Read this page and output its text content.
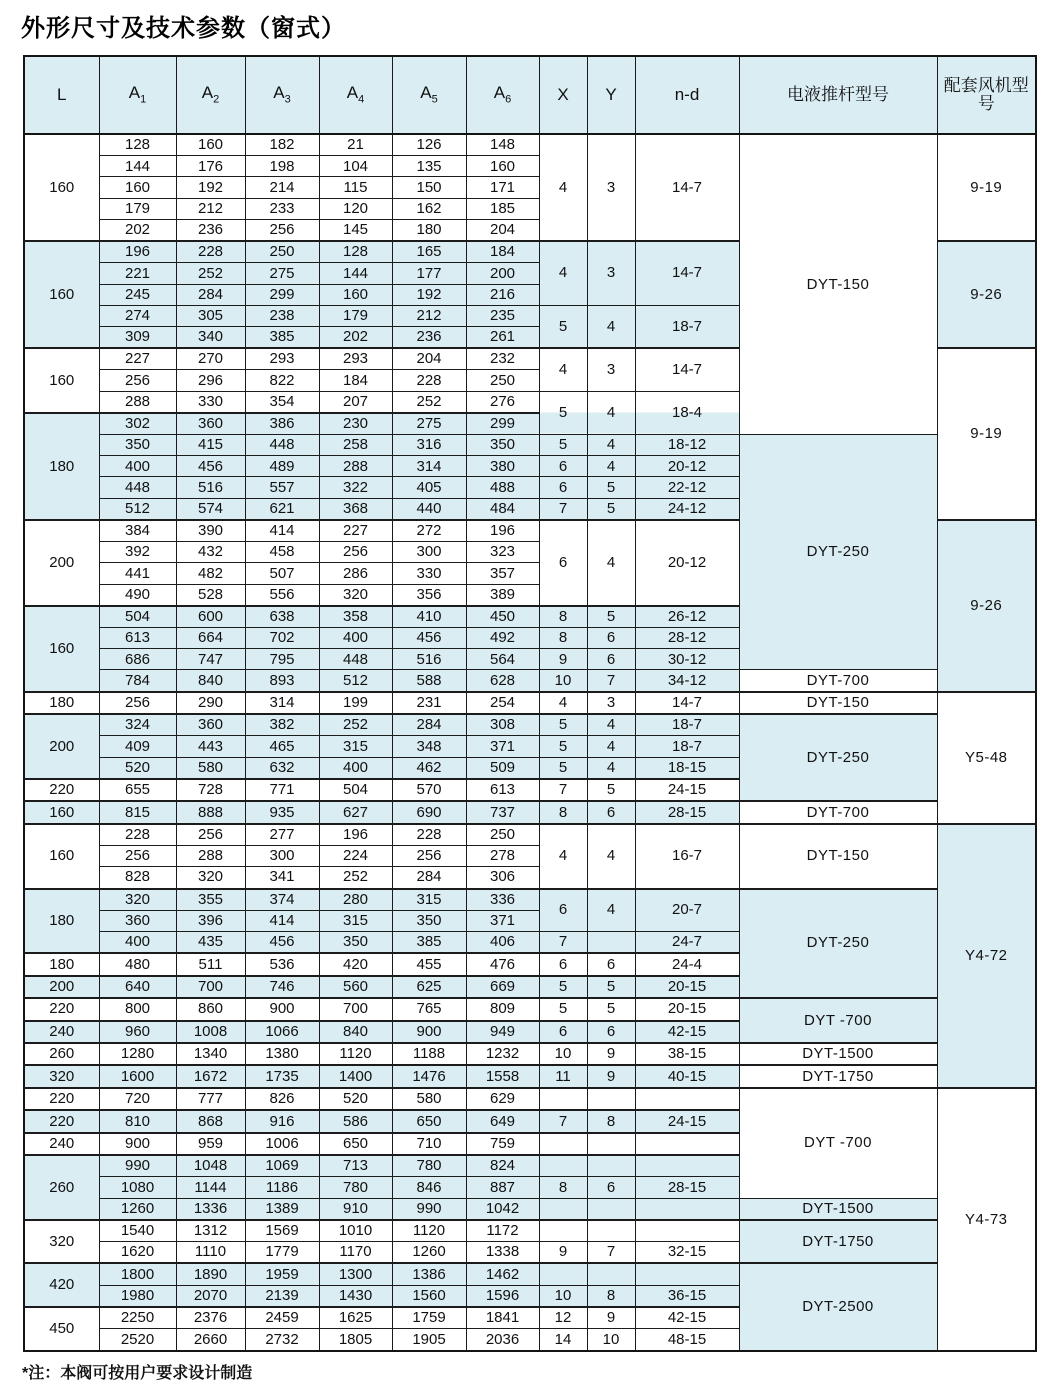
外形尺寸及技术参数（窗式）
L	$A_1$	$A_2$	$A_3$	$A_4$	$A_5$	$A_6$	X	Y	n-d	电液推杆型号	配套风机型号
160	128	160	182	21	126	148	4	3	14-7	DYT-150	9-19
	144	176	198	104	135	160					
	160	192	214	115	150	171					
	179	212	233	120	162	185					
	202	236	256	145	180	204					
160	196	228	250	128	165	184	4	3	14-7		9-26
	221	252	275	144	177	200					
	245	284	299	160	192	216					
	274	305	238	179	212	235	5	4	18-7		
	309	340	385	202	236	261					
160	227	270	293	293	204	232	4	3	14-7		9-19
	256	296	822	184	228	250					
	288	330	354	207	252	276	5	4	18-4		
180	302	360	386	230	275	299					
	350	415	448	258	316	350	5	4	18-12	DYT-250	
	400	456	489	288	314	380	6	4	20-12		
	448	516	557	322	405	488	6	5	22-12		
	512	574	621	368	440	484	7	5	24-12		
200	384	390	414	227	272	196	6	4	20-12		9-26
	392	432	458	256	300	323					
	441	482	507	286	330	357					
	490	528	556	320	356	389					
160	504	600	638	358	410	450	8	5	26-12		
	613	664	702	400	456	492	8	6	28-12		
	686	747	795	448	516	564	9	6	30-12		
	784	840	893	512	588	628	10	7	34-12	DYT-700	
180	256	290	314	199	231	254	4	3	14-7	DYT-150	Y5-48
200	324	360	382	252	284	308	5	4	18-7	DYT-250	
	409	443	465	315	348	371	5	4	18-7		
	520	580	632	400	462	509	5	4	18-15		
220	655	728	771	504	570	613	7	5	24-15		
160	815	888	935	627	690	737	8	6	28-15	DYT-700	
160	228	256	277	196	228	250	4	4	16-7	DYT-150	Y4-72
	256	288	300	224	256	278					
	828	320	341	252	284	306					
180	320	355	374	280	315	336	6	4	20-7	DYT-250	
	360	396	414	315	350	371					
	400	435	456	350	385	406	7		24-7		
180	480	511	536	420	455	476	6	6	24-4		
200	640	700	746	560	625	669	5	5	20-15		
220	800	860	900	700	765	809	5	5	20-15	DYT -700	
240	960	1008	1066	840	900	949	6	6	42-15		
260	1280	1340	1380	1120	1188	1232	10	9	38-15	DYT-1500	
320	1600	1672	1735	1400	1476	1558	11	9	40-15	DYT-1750	
220	720	777	826	520	580	629				DYT -700	Y4-73
220	810	868	916	586	650	649	7	8	24-15		
240	900	959	1006	650	710	759					
260	990	1048	1069	713	780	824					
	1080	1144	1186	780	846	887	8	6	28-15		
	1260	1336	1389	910	990	1042				DYT-1500	
320	1540	1312	1569	1010	1120	1172				DYT-1750	
	1620	1110	1779	1170	1260	1338	9	7	32-15		
420	1800	1890	1959	1300	1386	1462				DYT-2500	
	1980	2070	2139	1430	1560	1596	10	8	36-15		
450	2250	2376	2459	1625	1759	1841	12	9	42-15		
	2520	2660	2732	1805	1905	2036	14	10	48-15		
*注：本阀可按用户要求设计制造
